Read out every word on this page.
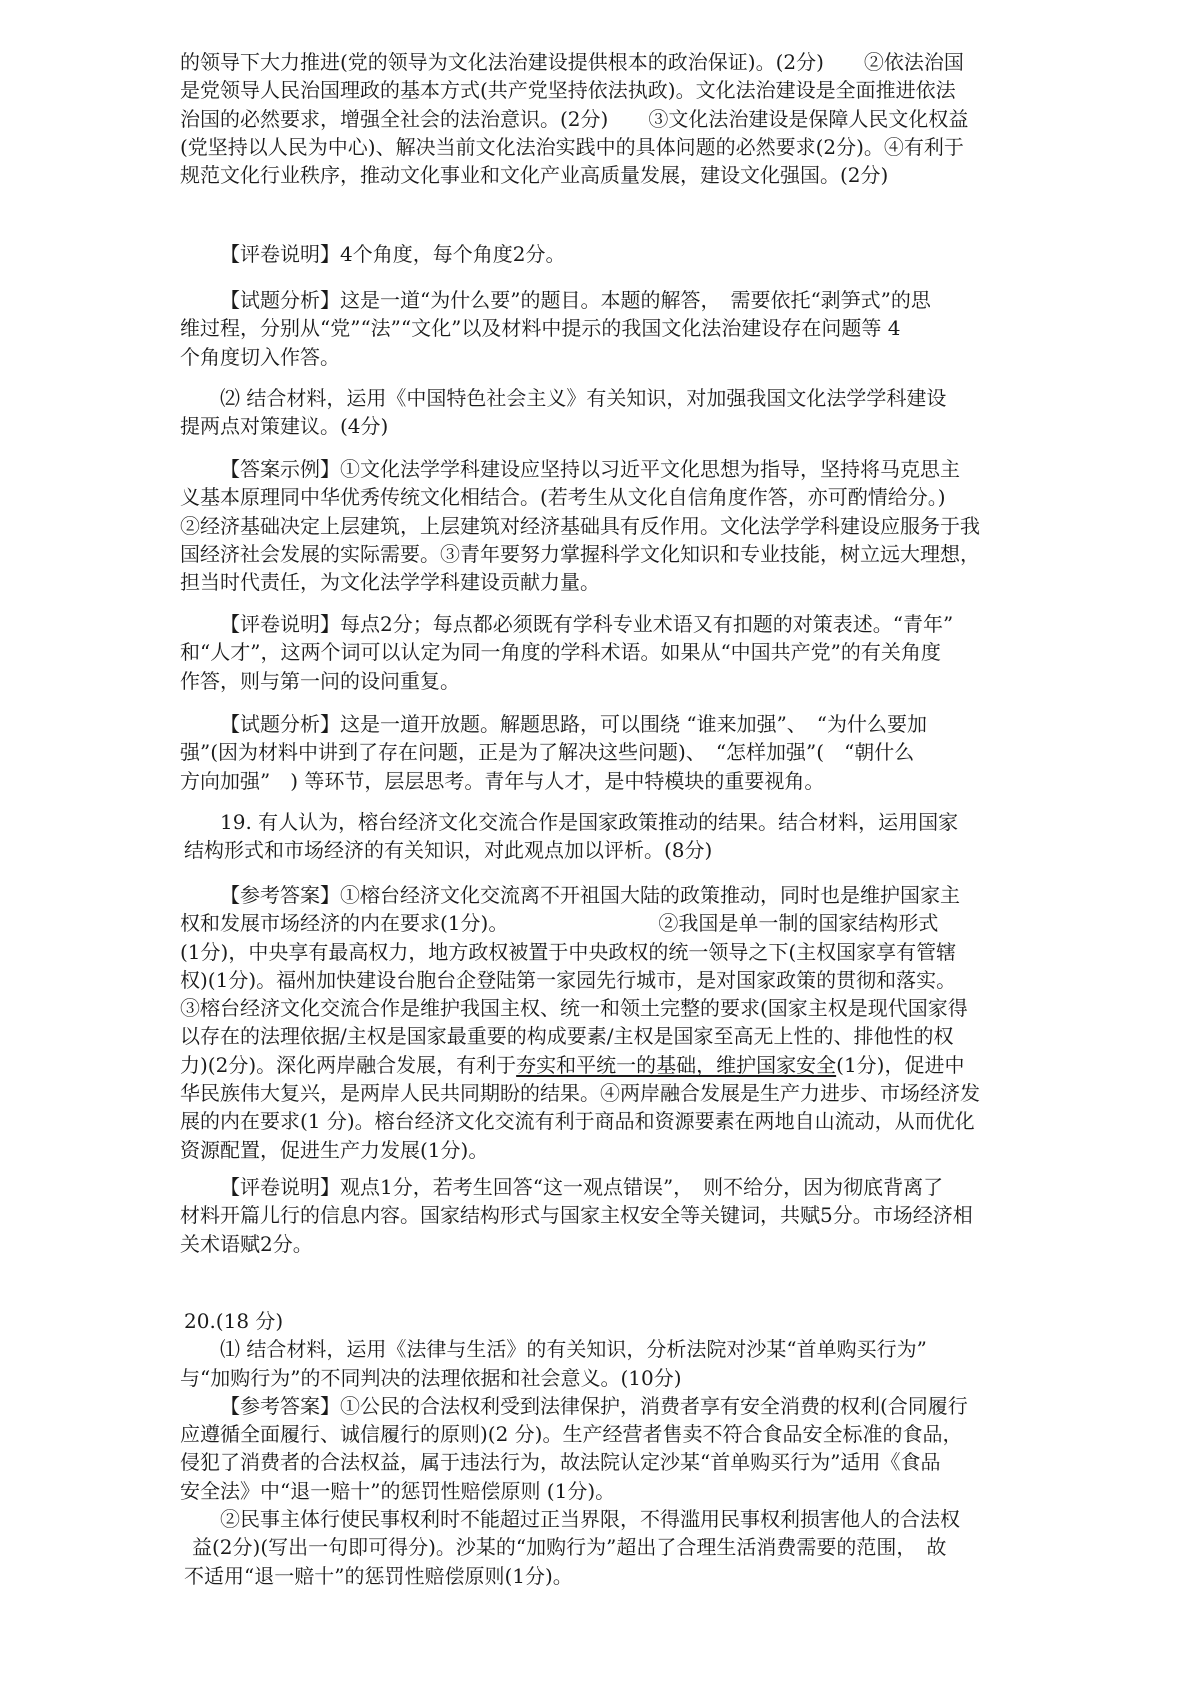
的领导下大力推进(党的领导为文化法治建设提供根本的政治保证)。(2分)　　②依法治国
是党领导人民治国理政的基本方式(共产党坚持依法执政)。文化法治建设是全面推进依法
治国的必然要求，增强全社会的法治意识。(2分)　　③文化法治建设是保障人民文化权益
(党坚持以人民为中心)、解决当前文化法治实践中的具体问题的必然要求(2分)。④有利于
规范文化行业秩序，推动文化事业和文化产业高质量发展，建设文化强国。(2分)
【评卷说明】4个角度，每个角度2分。
【试题分析】这是一道“为什么要”的题目。本题的解答，　需要依托“剥笋式”的思
维过程，分别从“党”“法”“文化”以及材料中提示的我国文化法治建设存在问题等 4
个角度切入作答。
⑵ 结合材料，运用《中国特色社会主义》有关知识，对加强我国文化法学学科建设
提两点对策建议。(4分)
【答案示例】①文化法学学科建设应坚持以习近平文化思想为指导，坚持将马克思主
义基本原理同中华优秀传统文化相结合。(若考生从文化自信角度作答，亦可酌情给分。)
②经济基础决定上层建筑，上层建筑对经济基础具有反作用。文化法学学科建设应服务于我
国经济社会发展的实际需要。③青年要努力掌握科学文化知识和专业技能，树立远大理想，
担当时代责任，为文化法学学科建设贡献力量。
【评卷说明】每点2分；每点都必须既有学科专业术语又有扣题的对策表述。“青年”
和“人才”，这两个词可以认定为同一角度的学科术语。如果从“中国共产党”的有关角度
作答，则与第一问的设问重复。
【试题分析】这是一道开放题。解题思路，可以围绕 “谁来加强”、　“为什么要加
强”(因为材料中讲到了存在问题，正是为了解决这些问题)、　“怎样加强”(　“朝什么
方向加强”　) 等环节，层层思考。青年与人才，是中特模块的重要视角。
19. 有人认为，榕台经济文化交流合作是国家政策推动的结果。结合材料，运用国家
结构形式和市场经济的有关知识，对此观点加以评析。(8分)
【参考答案】①榕台经济文化交流离不开祖国大陆的政策推动，同时也是维护国家主
权和发展市场经济的内在要求(1分)。　　　　　　　　②我国是单一制的国家结构形式
(1分)，中央享有最高权力，地方政权被置于中央政权的统一领导之下(主权国家享有管辖
权)(1分)。福州加快建设台胞台企登陆第一家园先行城市，是对国家政策的贯彻和落实。
③榕台经济文化交流合作是维护我国主权、统一和领土完整的要求(国家主权是现代国家得
以存在的法理依据/主权是国家最重要的构成要素/主权是国家至高无上性的、排他性的权
力)(2分)。深化两岸融合发展，有利于夯实和平统一的基础，维护国家安全(1分)，促进中
华民族伟大复兴，是两岸人民共同期盼的结果。④两岸融合发展是生产力进步、市场经济发
展的内在要求(1 分)。榕台经济文化交流有利于商品和资源要素在两地自山流动，从而优化
资源配置，促进生产力发展(1分)。
【评卷说明】观点1分，若考生回答“这一观点错误”，　则不给分，因为彻底背离了
材料开篇儿行的信息内容。国家结构形式与国家主权安全等关键词，共赋5分。市场经济相
关术语赋2分。
20.(18 分)
⑴ 结合材料，运用《法律与生活》的有关知识，分析法院对沙某“首单购买行为”
与“加购行为”的不同判决的法理依据和社会意义。(10分)
【参考答案】①公民的合法权利受到法律保护，消费者享有安全消费的权利(合同履行
应遵循全面履行、诚信履行的原则)(2 分)。生产经营者售卖不符合食品安全标准的食品，
侵犯了消费者的合法权益，属于违法行为，故法院认定沙某“首单购买行为”适用《食品
安全法》中“退一赔十”的惩罚性赔偿原则 (1分)。
②民事主体行使民事权利时不能超过正当界限，不得滥用民事权利损害他人的合法权
益(2分)(写出一句即可得分)。沙某的“加购行为”超出了合理生活消费需要的范围，　故
不适用“退一赔十”的惩罚性赔偿原则(1分)。
